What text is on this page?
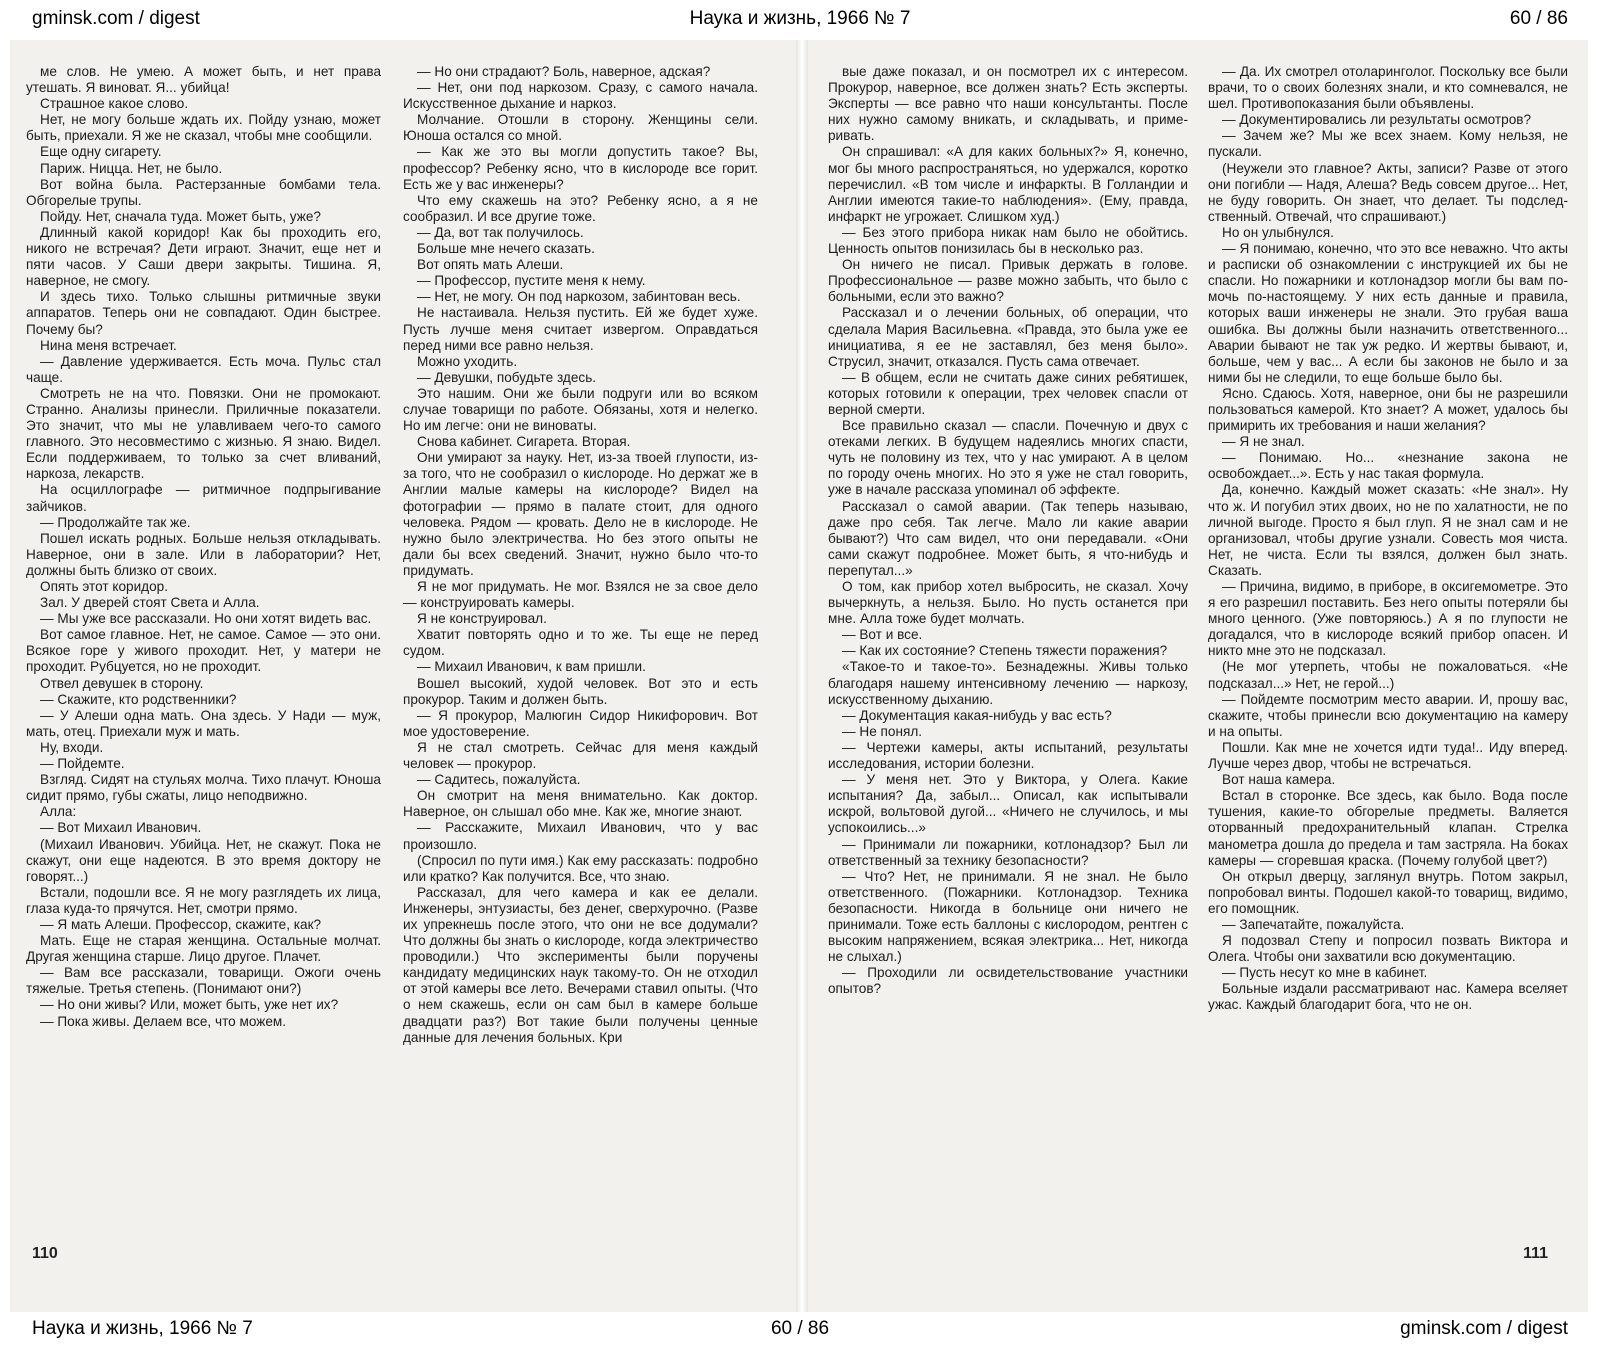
gminsk.com / digest	Наука и жизнь, 1966 № 7	60 / 86

ме слов. Не умею. А может быть, и нет права утешать. Я виноват. Я... убийца!

Страшное какое слово.

Нет, не могу больше ждать их. Пойду узнаю, может быть, приехали. Я же не сказал, чтобы мне сообщили.

Еще одну сигарету.

Париж. Ницца. Нет, не было.

Вот война была. Растерзанные бомбами тела. Обгорелые трупы.

Пойду. Нет, сначала туда. Может быть, уже?

Длинный какой коридор! Как бы проходить его, никого не встречая? Дети играют. Значит, еще нет и пяти часов. У Саши двери закрыты. Тишина. Я, наверное, не смогу.

И здесь тихо. Только слышны ритмичные звуки аппаратов. Теперь они не совпадают. Один быстрее. Почему бы?

Нина меня встречает.

— Давление удерживается. Есть моча. Пульс стал чаще.

Смотреть не на что. Повязки. Они не промокают. Странно. Анализы принесли. Приличные показатели. Это значит, что мы не улавливаем чего-то самого главного. Это несовместимо с жизнью. Я знаю. Видел. Если поддерживаем, то только за счет вливаний, наркоза, лекарств.

На осциллографе — ритмичное подпрыгивание зайчиков.

— Продолжайте так же.

Пошел искать родных. Больше нельзя откладывать. Наверное, они в зале. Или в лаборатории? Нет, должны быть близко от своих.

Опять этот коридор.

Зал. У дверей стоят Света и Алла.

— Мы уже все рассказали. Но они хотят видеть вас.

Вот самое главное. Нет, не самое. Самое — это они. Всякое горе у живого проходит. Нет, у матери не проходит. Рубцуется, но не проходит.

Отвел девушек в сторону.

— Скажите, кто родственники?

— У Алеши одна мать. Она здесь. У Нади — муж, мать, отец. Приехали муж и мать.

Ну, входи.

— Пойдемте.

Взгляд. Сидят на стульях молча. Тихо плачут. Юноша сидит прямо, губы сжаты, лицо неподвижно.

Алла:

— Вот Михаил Иванович.

(Михаил Иванович. Убийца. Нет, не скажут. Пока не скажут, они еще надеются. В это время доктору не говорят...)

Встали, подошли все. Я не могу разглядеть их лица, глаза куда-то прячутся. Нет, смотри прямо.

— Я мать Алеши. Профессор, скажите, как?

Мать. Еще не старая женщина. Остальные молчат. Другая женщина старше. Лицо другое. Плачет.

— Вам все рассказали, товарищи. Ожоги очень тяжелые. Третья степень. (Понимают они?)

— Но они живы? Или, может быть, уже нет их?

— Пока живы. Делаем все, что можем.

— Но они страдают? Боль, наверное, адская?

— Нет, они под наркозом. Сразу, с самого начала. Искусственное дыхание и наркоз.

Молчание. Отошли в сторону. Женщины сели. Юноша остался со мной.

— Как же это вы могли допустить такое? Вы, профессор? Ребенку ясно, что в кислороде все горит. Есть же у вас инженеры?

Что ему скажешь на это? Ребенку ясно, а я не сообразил. И все другие тоже.

— Да, вот так получилось.

Больше мне нечего сказать.

Вот опять мать Алеши.

— Профессор, пустите меня к нему.

— Нет, не могу. Он под наркозом, забинтован весь.

Не настаивала. Нельзя пустить. Ей же будет хуже. Пусть лучше меня считает извергом. Оправдаться перед ними все равно нельзя.

Можно уходить.

— Девушки, побудьте здесь.

Это нашим. Они же были подруги или во всяком случае товарищи по работе. Обязаны, хотя и нелегко. Но им легче: они не виноваты.

Снова кабинет. Сигарета. Вторая.

Они умирают за науку. Нет, из-за твоей глупости, из-за того, что не сообразил о кислороде. Но держат же в Англии малые камеры на кислороде? Видел на фотографии — прямо в палате стоит, для одного человека. Рядом — кровать. Дело не в кислороде. Не нужно было электричества. Но без этого опыты не дали бы всех сведений. Значит, нужно было что-то придумать.

Я не мог придумать. Не мог. Взялся не за свое дело — конструировать камеры.

Я не конструировал.

Хватит повторять одно и то же. Ты еще не перед судом.

— Михаил Иванович, к вам пришли.

Вошел высокий, худой человек. Вот это и есть прокурор. Таким и должен быть.

— Я прокурор, Малюгин Сидор Никифорович. Вот мое удостоверение.

Я не стал смотреть. Сейчас для меня каждый человек — прокурор.

— Садитесь, пожалуйста.

Он смотрит на меня внимательно. Как доктор. Наверное, он слышал обо мне. Как же, многие знают.

— Расскажите, Михаил Иванович, что у вас произошло.

(Спросил по пути имя.) Как ему рассказать: подробно или кратко? Как получится. Все, что знаю.

Рассказал, для чего камера и как ее делали. Инженеры, энтузиасты, без денег, сверхурочно. (Разве их упрекнешь после этого, что они не все додумали? Что должны бы знать о кислороде, когда электричество проводили.) Что эксперименты были поручены кандидату медицинских наук такому-то. Он не отходил от этой камеры все лето. Вечерами ставил опыты. (Что о нем скажешь, если он сам был в камере больше двадцати раз?) Вот такие были получены ценные данные для лечения больных. Кри

110

вые даже показал, и он посмотрел их с интересом. Прокурор, наверное, все должен знать? Есть эксперты. Эксперты — все равно что наши консультанты. После них нужно самому вникать, и складывать, и примеривать.

Он спрашивал: «А для каких больных?» Я, конечно, мог бы много распространяться, но удержался, коротко перечислил. «В том числе и инфаркты. В Голландии и Англии имеются такие-то наблюдения». (Ему, правда, инфаркт не угрожает. Слишком худ.)

— Без этого прибора никак нам было не обойтись. Ценность опытов понизилась бы в несколько раз.

Он ничего не писал. Привык держать в голове. Профессиональное — разве можно забыть, что было с больными, если это важно?

Рассказал и о лечении больных, об операции, что сделала Мария Васильевна. «Правда, это была уже ее инициатива, я ее не заставлял, без меня было». Струсил, значит, отказался. Пусть сама отвечает.

— В общем, если не считать даже синих ребятишек, которых готовили к операции, трех человек спасли от верной смерти.

Все правильно сказал — спасли. Почечную и двух с отеками легких. В будущем надеялись многих спасти, чуть не половину из тех, что у нас умирают. А в целом по городу очень многих. Но это я уже не стал говорить, уже в начале рассказа упоминал об эффекте.

Рассказал о самой аварии. (Так теперь называю, даже про себя. Так легче. Мало ли какие аварии бывают?) Что сам видел, что они передавали. «Они сами скажут подробнее. Может быть, я что-нибудь и перепутал...»

О том, как прибор хотел выбросить, не сказал. Хочу вычеркнуть, а нельзя. Было. Но пусть останется при мне. Алла тоже будет молчать.

— Вот и все.

— Как их состояние? Степень тяжести поражения?

«Такое-то и такое-то». Безнадежны. Живы только благодаря нашему интенсивному лечению — наркозу, искусственному дыханию.

— Документация какая-нибудь у вас есть?

— Не понял.

— Чертежи камеры, акты испытаний, результаты исследования, истории болезни.

— У меня нет. Это у Виктора, у Олега. Какие испытания? Да, забыл... Описал, как испытывали искрой, вольтовой дугой... «Ничего не случилось, и мы успокоились...»

— Принимали ли пожарники, котлонадзор? Был ли ответственный за технику безопасности?

— Что? Нет, не принимали. Я не знал. Не было ответственного. (Пожарники. Котлонадзор. Техника безопасности. Никогда в больнице они ничего не принимали. Тоже есть баллоны с кислородом, рентген с высоким напряжением, всякая электрика... Нет, никогда не слыхал.)

— Проходили ли освидетельствование участники опытов?

— Да. Их смотрел отоларинголог. Поскольку все были врачи, то о своих болезнях знали, и кто сомневался, не шел. Противопоказания были объявлены.

— Документировались ли результаты осмотров?

— Зачем же? Мы же всех знаем. Кому нельзя, не пускали.

(Неужели это главное? Акты, записи? Разве от этого они погибли — Надя, Алеша? Ведь совсем другое... Нет, не буду говорить. Он знает, что делает. Ты подследственный. Отвечай, что спрашивают.)

Но он улыбнулся.

— Я понимаю, конечно, что это все неважно. Что акты и расписки об ознакомлении с инструкцией их бы не спасли. Но пожарники и котлонадзор могли бы вам помочь по-настоящему. У них есть данные и правила, которых ваши инженеры не знали. Это грубая ваша ошибка. Вы должны были назначить ответственного... Аварии бывают не так уж редко. И жертвы бывают, и, больше, чем у вас... А если бы законов не было и за ними бы не следили, то еще больше было бы.

Ясно. Сдаюсь. Хотя, наверное, они бы не разрешили пользоваться камерой. Кто знает? А может, удалось бы примирить их требования и наши желания?

— Я не знал.

— Понимаю. Но... «незнание закона не освобождает...». Есть у нас такая формула.

Да, конечно. Каждый может сказать: «Не знал». Ну что ж. И погубил этих двоих, но не по халатности, не по личной выгоде. Просто я был глуп. Я не знал сам и не организовал, чтобы другие узнали. Совесть моя чиста. Нет, не чиста. Если ты взялся, должен был знать. Сказать.

— Причина, видимо, в приборе, в оксигемометре. Это я его разрешил поставить. Без него опыты потеряли бы много ценного. (Уже повторяюсь.) А я по глупости не догадался, что в кислороде всякий прибор опасен. И никто мне это не подсказал.

(Не мог утерпеть, чтобы не пожаловаться. «Не подсказал...» Нет, не герой...)

— Пойдемте посмотрим место аварии. И, прошу вас, скажите, чтобы принесли всю документацию на камеру и на опыты.

Пошли. Как мне не хочется идти туда!.. Иду вперед. Лучше через двор, чтобы не встречаться.

Вот наша камера.

Встал в сторонке. Все здесь, как было. Вода после тушения, какие-то обгорелые предметы. Валяется оторванный предохранительный клапан. Стрелка манометра дошла до предела и там застряла. На боках камеры — сгоревшая краска. (Почему голубой цвет?)

Он открыл дверцу, заглянул внутрь. Потом закрыл, попробовал винты. Подошел какой-то товарищ, видимо, его помощник.

— Запечатайте, пожалуйста.

Я подозвал Степу и попросил позвать Виктора и Олега. Чтобы они захватили всю документацию.

— Пусть несут ко мне в кабинет.

Больные издали рассматривают нас. Камера вселяет ужас. Каждый благодарит бога, что не он.

111
Наука и жизнь, 1966 № 7	60 / 86	gminsk.com / digest
